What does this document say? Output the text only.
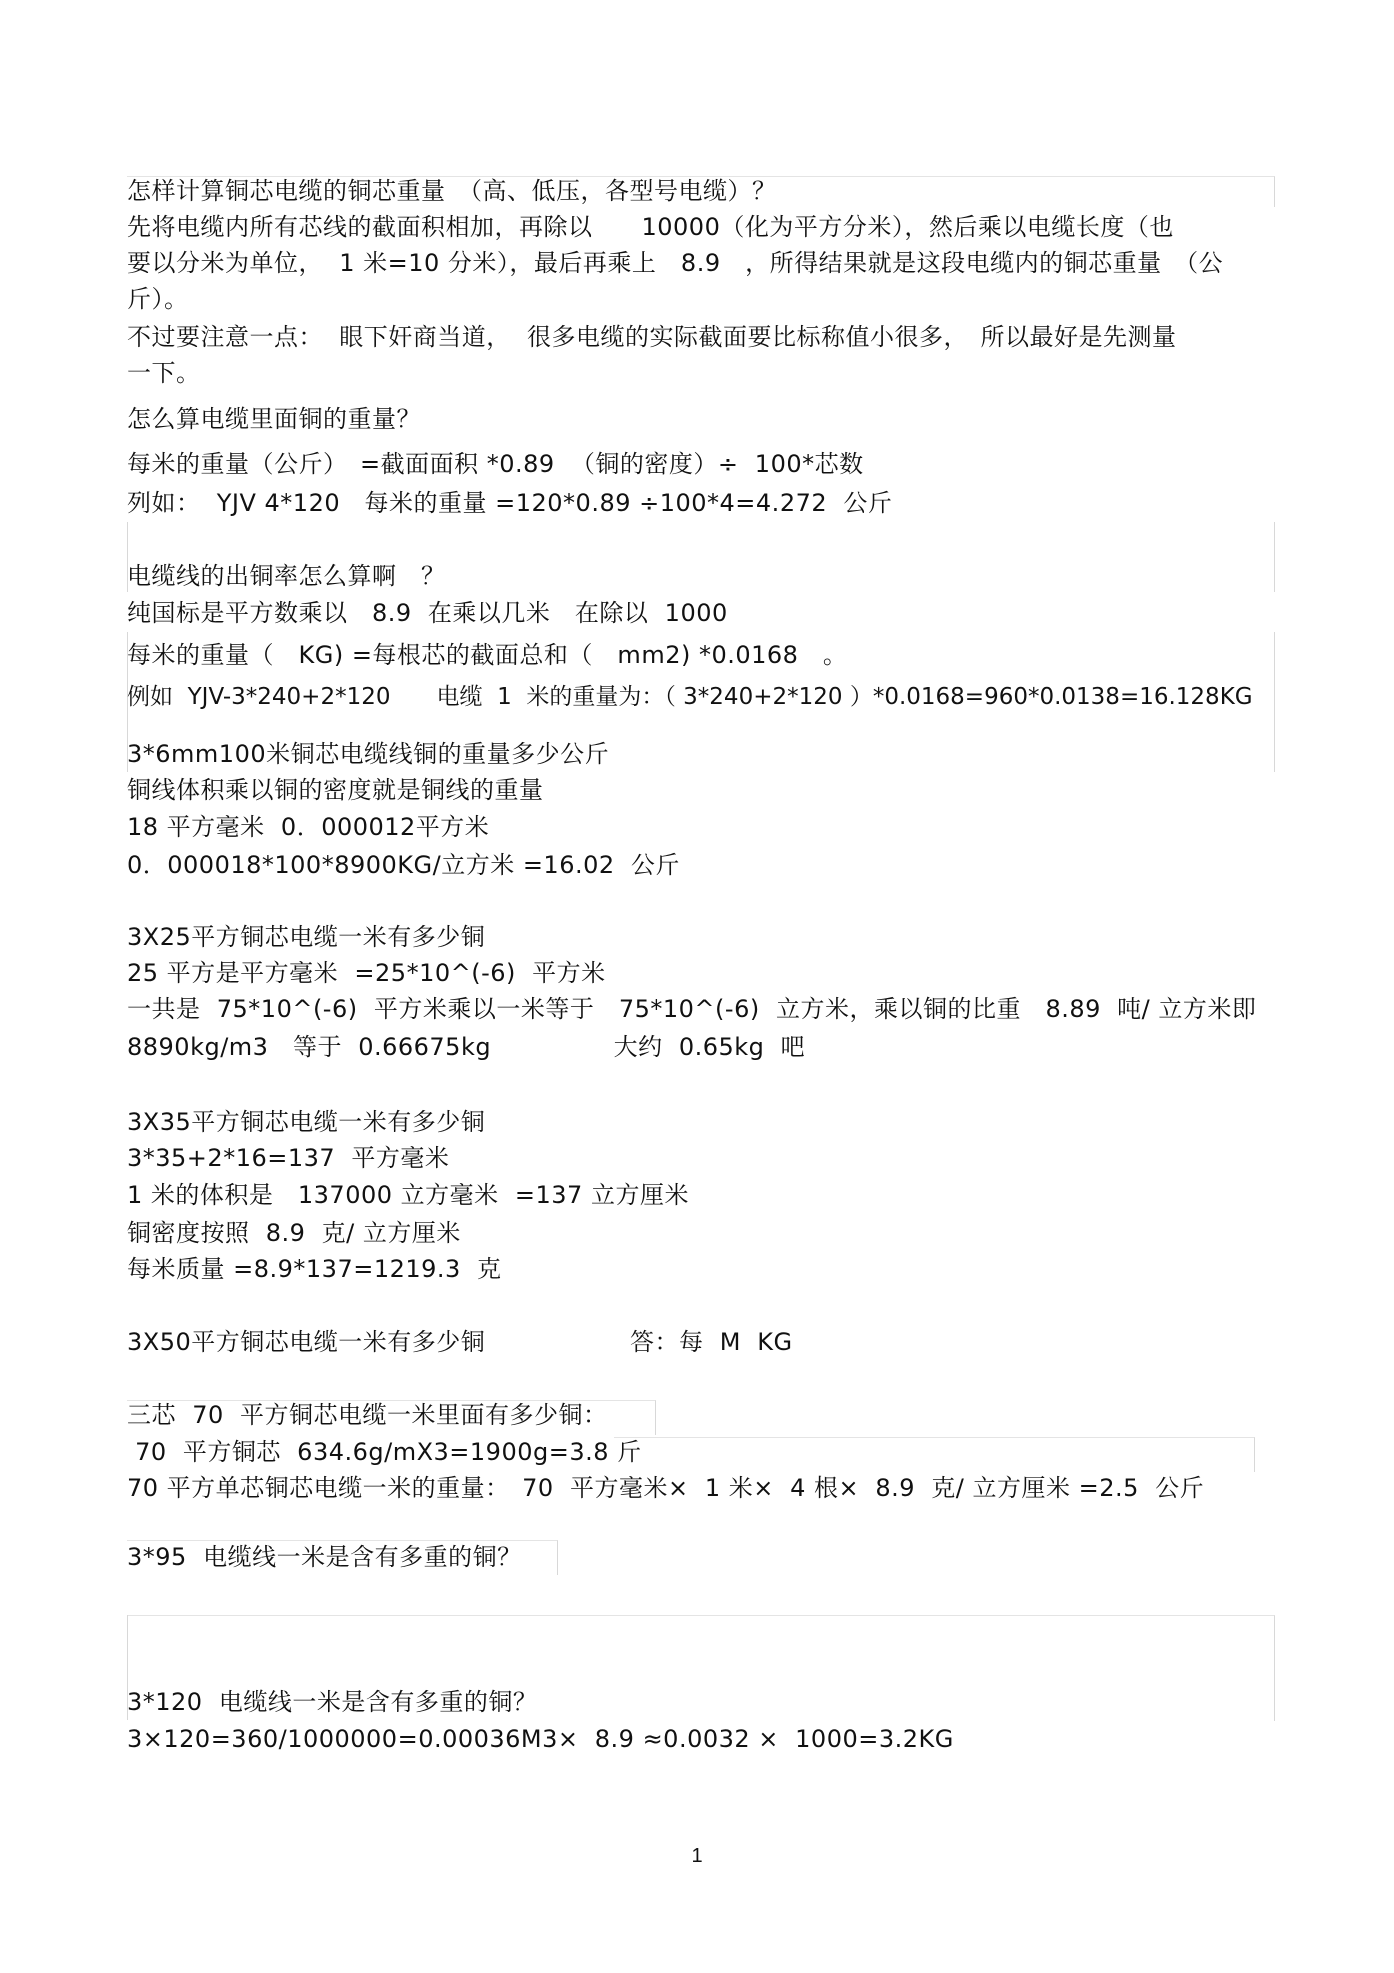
怎样计算铜芯电缆的铜芯重量　（高、低压，各型号电缆）？
先将电缆内所有芯线的截面积相加，再除以　　10000（化为平方分米），然后乘以电缆长度（也
要以分米为单位，  1 米=10 分米），最后再乘上　8.9　，所得结果就是这段电缆内的铜芯重量　（公
斤）。
不过要注意一点：  眼下奸商当道，  很多电缆的实际截面要比标称值小很多，　所以最好是先测量
一下。
怎么算电缆里面铜的重量？
每米的重量（公斤）　=截面面积 *0.89  （铜的密度）÷  100*芯数
列如：  YJV 4*120   每米的重量 =120*0.89 ÷100*4=4.272  公斤
电缆线的出铜率怎么算啊　？
纯国标是平方数乘以　8.9  在乘以几米　在除以  1000
每米的重量（　KG) =每根芯的截面总和（　mm2) *0.0168　。
例如  YJV-3*240+2*120　　电缆  1  米的重量为：（ 3*240+2*120 ）*0.0168=960*0.0138=16.128KG
3*6mm100米铜芯电缆线铜的重量多少公斤
铜线体积乘以铜的密度就是铜线的重量
18 平方毫米  0．000012平方米
0．000018*100*8900KG/立方米 =16.02  公斤
3X25平方铜芯电缆一米有多少铜
25 平方是平方毫米  =25*10^(-6)  平方米
一共是  75*10^(-6)  平方米乘以一米等于　75*10^(-6)  立方米，乘以铜的比重　8.89  吨/ 立方米即
8890kg/m3　等于  0.66675kg　　　　　大约  0.65kg  吧
3X35平方铜芯电缆一米有多少铜
3*35+2*16=137  平方毫米
1 米的体积是　137000 立方毫米  =137 立方厘米
铜密度按照  8.9  克/ 立方厘米
每米质量 =8.9*137=1219.3  克
3X50平方铜芯电缆一米有多少铜	答：每  M  KG
三芯  70  平方铜芯电缆一米里面有多少铜：
70  平方铜芯  634.6g/mX3=1900g=3.8 斤
70 平方单芯铜芯电缆一米的重量：　70  平方毫米×  1 米×  4 根×  8.9  克/ 立方厘米 =2.5  公斤
3*95  电缆线一米是含有多重的铜？
3*120  电缆线一米是含有多重的铜？
3×120=360/1000000=0.00036M3×  8.9 ≈0.0032 ×  1000=3.2KG
1
